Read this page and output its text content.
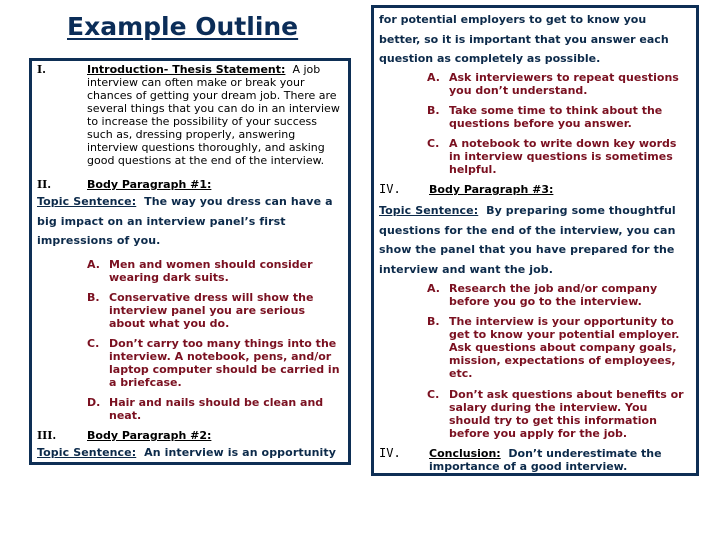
Example Outline
I.	Introduction- Thesis Statement: A job interview can often make or break your chances of getting your dream job. There are several things that you can do in an interview to increase the possibility of your success such as, dressing properly, answering interview questions thoroughly, and asking good questions at the end of the interview.
II.	Body Paragraph #1:
Topic Sentence: The way you dress can have a big impact on an interview panel’s first impressions of you.
A. Men and women should consider wearing dark suits.
B. Conservative dress will show the interview panel you are serious about what you do.
C. Don’t carry too many things into the interview. A notebook, pens, and/or laptop computer should be carried in a briefcase.
D. Hair and nails should be clean and neat.
III.	Body Paragraph #2:
Topic Sentence: An interview is an opportunity
for potential employers to get to know you better, so it is important that you answer each question as completely as possible.
A. Ask interviewers to repeat questions you don’t understand.
B. Take some time to think about the questions before you answer.
C. A notebook to write down key words in interview questions is sometimes helpful.
IV.	Body Paragraph #3:
Topic Sentence: By preparing some thoughtful questions for the end of the interview, you can show the panel that you have prepared for the interview and want the job.
A. Research the job and/or company before you go to the interview.
B. The interview is your opportunity to get to know your potential employer. Ask questions about company goals, mission, expectations of employees, etc.
C. Don’t ask questions about benefits or salary during the interview. You should try to get this information before you apply for the job.
IV.	Conclusion: Don’t underestimate the importance of a good interview.
